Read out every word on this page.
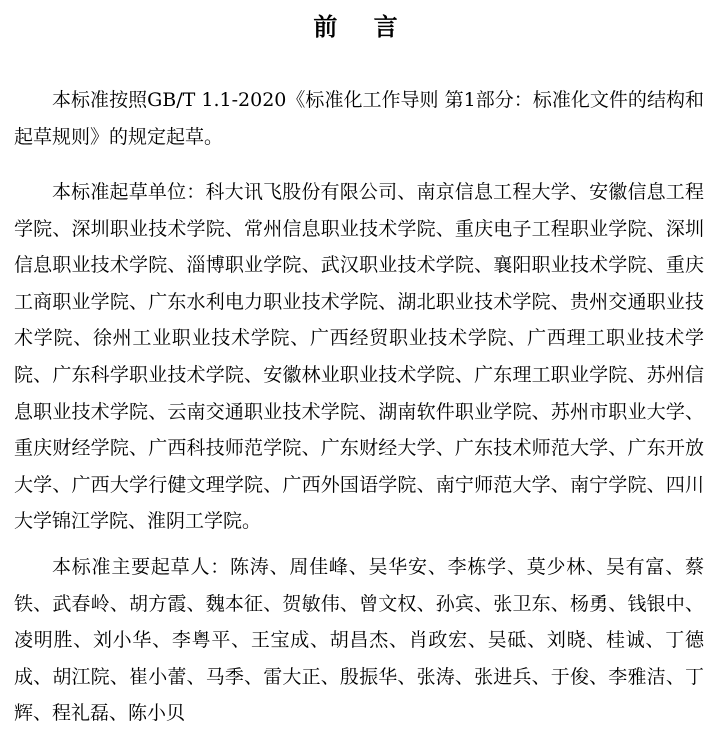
前 言

本标准按照GB/T 1.1-2020《标准化工作导则 第1部分：标准化文件的结构和起草规则》的规定起草。

本标准起草单位：科大讯飞股份有限公司、南京信息工程大学、安徽信息工程学院、深圳职业技术学院、常州信息职业技术学院、重庆电子工程职业学院、深圳信息职业技术学院、淄博职业学院、武汉职业技术学院、襄阳职业技术学院、重庆工商职业学院、广东水利电力职业技术学院、湖北职业技术学院、贵州交通职业技术学院、徐州工业职业技术学院、广西经贸职业技术学院、广西理工职业技术学院、广东科学职业技术学院、安徽林业职业技术学院、广东理工职业学院、苏州信息职业技术学院、云南交通职业技术学院、湖南软件职业学院、苏州市职业大学、重庆财经学院、广西科技师范学院、广东财经大学、广东技术师范大学、广东开放大学、广西大学行健文理学院、广西外国语学院、南宁师范大学、南宁学院、四川大学锦江学院、淮阴工学院。

本标准主要起草人：陈涛、周佳峰、吴华安、李栋学、莫少林、吴有富、蔡铁、武春岭、胡方霞、魏本征、贺敏伟、曾文权、孙宾、张卫东、杨勇、钱银中、凌明胜、刘小华、李粤平、王宝成、胡昌杰、肖政宏、吴砥、刘晓、桂诚、丁德成、胡江院、崔小蕾、马季、雷大正、殷振华、张涛、张进兵、于俊、李雅洁、丁辉、程礼磊、陈小贝
